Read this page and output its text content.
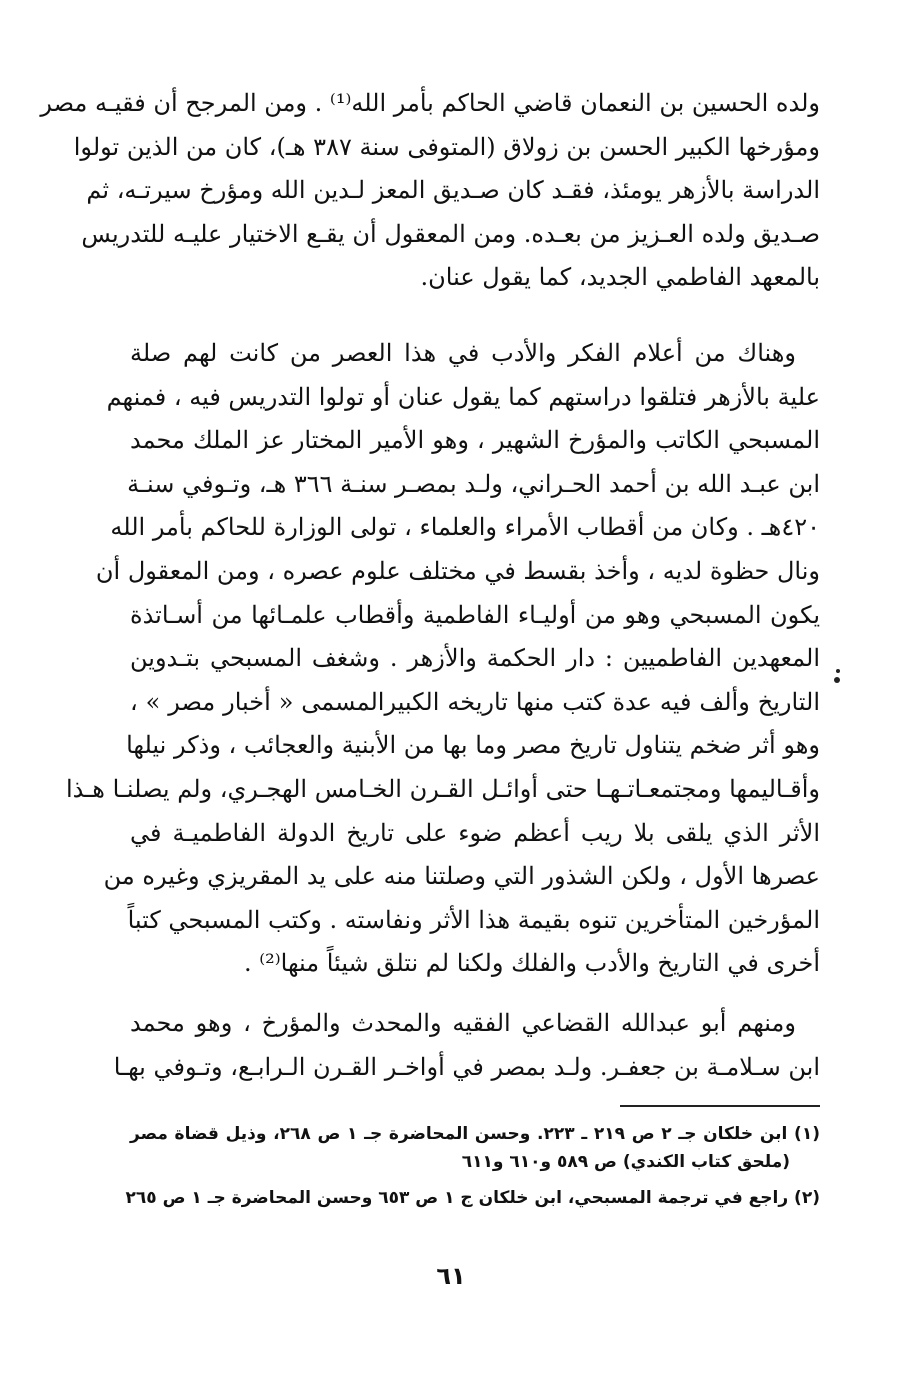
ولده الحسين بن النعمان قاضي الحاكم بأمر الله⁽¹⁾ . ومن المرجح أن فقيـه مصر
ومؤرخها الكبير الحسن بن زولاق (المتوفى سنة ٣٨٧ هـ)، كان من الذين تولوا
الدراسة بالأزهر يومئذ، فقـد كان صـديق المعز لـدين الله ومؤرخ سيرتـه، ثم
صـديق ولده العـزيز من بعـده. ومن المعقول أن يقـع الاختيار عليـه للتدريس
بالمعهد الفاطمي الجديد، كما يقول عنان.
وهناك من أعلام الفكر والأدب في هذا العصر من كانت لهم صلة
علية بالأزهر فتلقوا دراستهم كما يقول عنان أو تولوا التدريس فيه ، فمنهم
المسبحي الكاتب والمؤرخ الشهير ، وهو الأمير المختار عز الملك محمد
ابن عبـد الله بن أحمد الحـراني، ولـد بمصـر سنـة ٣٦٦ هـ، وتـوفي سنـة
٤٢٠هـ . وكان من أقطاب الأمراء والعلماء ، تولى الوزارة للحاكم بأمر الله
ونال حظوة لديه ، وأخذ بقسط في مختلف علوم عصره ، ومن المعقول أن
يكون المسبحي وهو من أوليـاء الفاطمية وأقطاب علمـائها من أسـاتذة
المعهدين الفاطميين : دار الحكمة والأزهر . وشغف المسبحي بتـدوين
التاريخ وألف فيه عدة كتب منها تاريخه الكبيرالمسمى « أخبار مصر » ،
وهو أثر ضخم يتناول تاريخ مصر وما بها من الأبنية والعجائب ، وذكر نيلها
وأقـاليمها ومجتمعـاتـهـا حتى أوائـل القـرن الخـامس الهجـري، ولم يصلنـا هـذا
الأثر الذي يلقى بلا ريب أعظم ضوء على تاريخ الدولة الفاطميـة في
عصرها الأول ، ولكن الشذور التي وصلتنا منه على يد المقريزي وغيره من
المؤرخين المتأخرين تنوه بقيمة هذا الأثر ونفاسته . وكتب المسبحي كتباً
أخرى في التاريخ والأدب والفلك ولكنا لم نتلق شيئاً منها⁽²⁾ .
ومنهم أبو عبدالله القضاعي الفقيه والمحدث والمؤرخ ، وهو محمد
ابن سـلامـة بن جعفـر. ولـد بمصر في أواخـر القـرن الـرابـع، وتـوفي بهـا
(١) ابن خلكان جـ ٢ ص ٢١٩ ـ ٢٢٣. وحسن المحاضرة جـ ١ ص ٢٦٨، وذيل قضاة مصر
(ملحق كتاب الكندي) ص ٥٨٩ و٦١٠ و٦١١
(٢) راجع في ترجمة المسبحي، ابن خلكان ج ١ ص ٦٥٣ وحسن المحاضرة جـ ١ ص ٢٦٥
٦١
